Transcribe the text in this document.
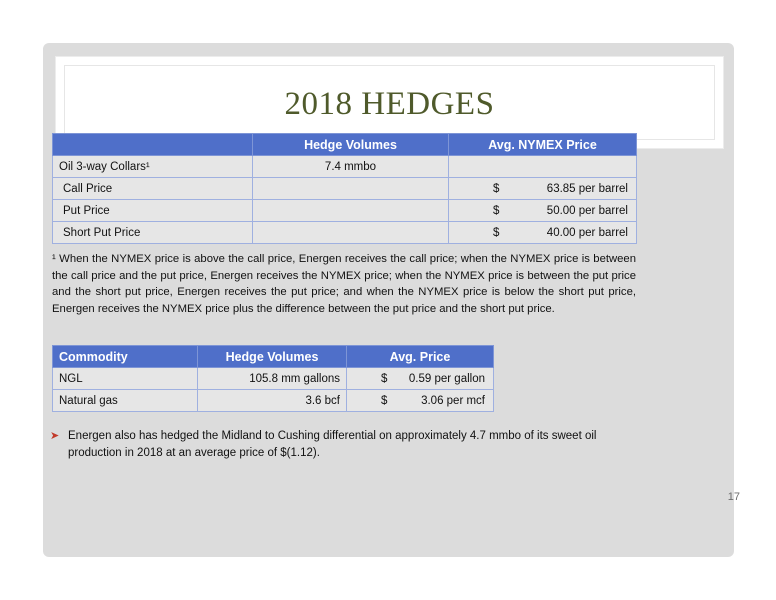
2018 HEDGES
	Hedge Volumes	Avg. NYMEX Price
Oil 3-way Collars¹	7.4 mmbo	
Call Price		$ 63.85 per barrel

Put Price		$ 50.00 per barrel

Short Put Price		$ 40.00 per barrel
¹ When the NYMEX price is above the call price, Energen receives the call price; when the NYMEX price is between the call price and the put price, Energen receives the NYMEX price; when the NYMEX price is between the put price and the short put price, Energen receives the put price; and when the NYMEX price is below the short put price, Energen receives the NYMEX price plus the difference between the put price and the short put price.
Commodity	Hedge Volumes	Avg. Price
NGL	105.8 mm gallons	$ 0.59 per gallon

Natural gas	3.6 bcf	$ 3.06 per mcf
➤ Energen also has hedged the Midland to Cushing differential on approximately 4.7 mmbo of its sweet oil production in 2018 at an average price of $(1.12).
17
